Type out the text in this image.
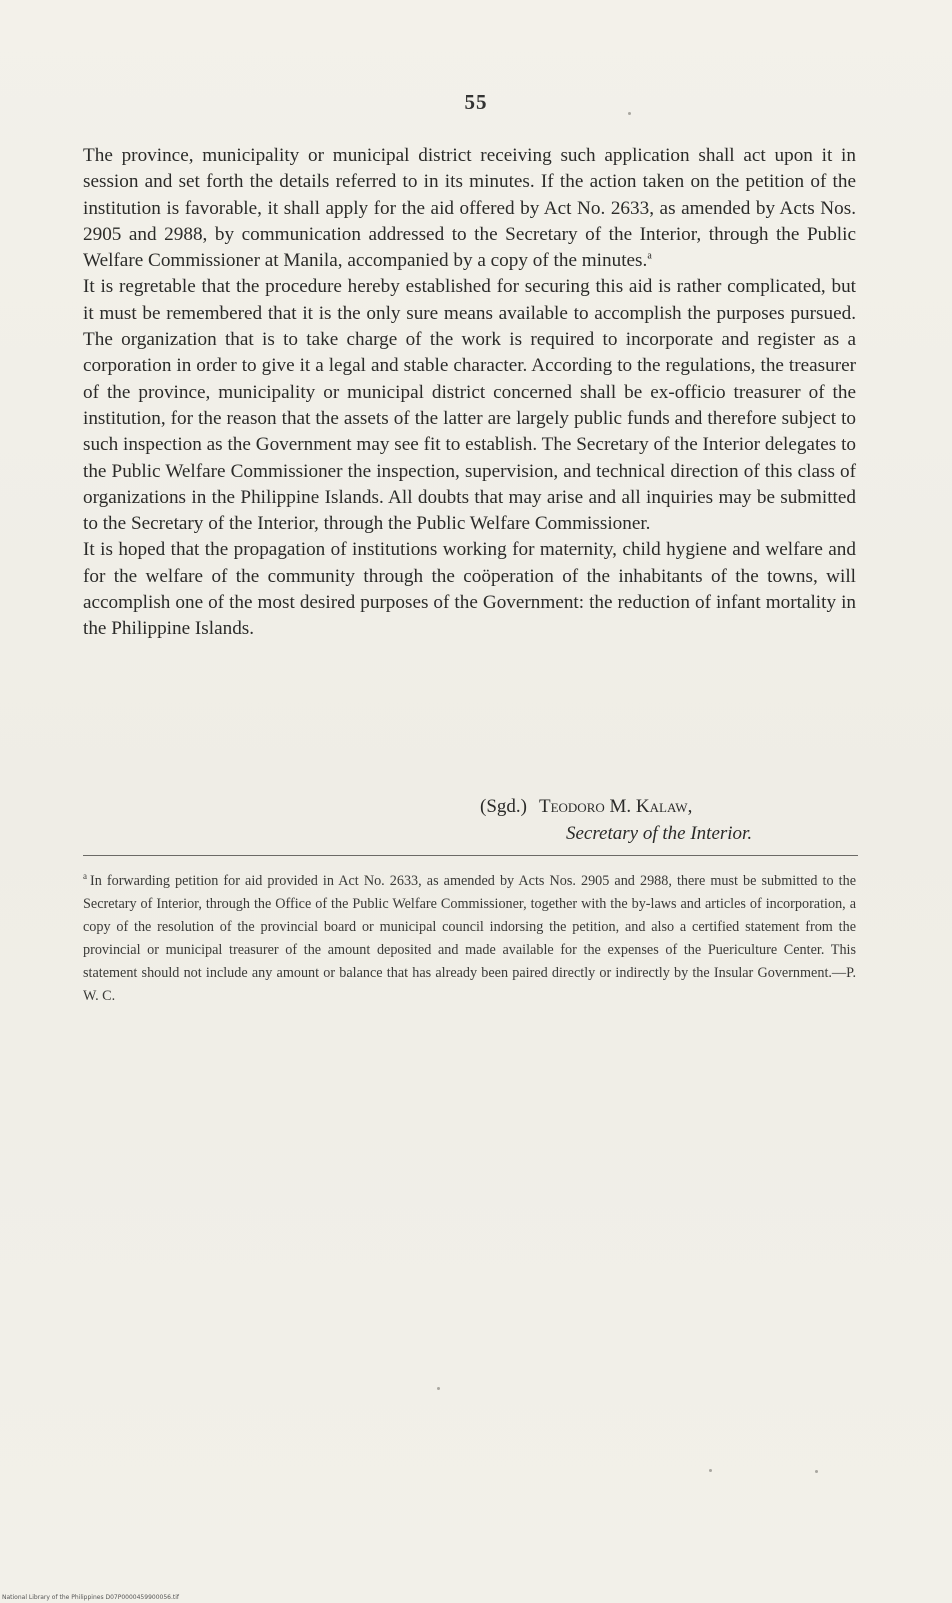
55

The province, municipality or municipal district receiving such application shall act upon it in session and set forth the details referred to in its minutes. If the action taken on the petition of the institution is favorable, it shall apply for the aid offered by Act No. 2633, as amended by Acts Nos. 2905 and 2988, by communication addressed to the Secretary of the Interior, through the Public Welfare Commissioner at Manila, accompanied by a copy of the minutes.$^a$

It is regretable that the procedure hereby established for securing this aid is rather complicated, but it must be remembered that it is the only sure means available to accomplish the purposes pursued. The organization that is to take charge of the work is required to incorporate and register as a corporation in order to give it a legal and stable character. According to the regulations, the treasurer of the province, municipality or municipal district concerned shall be ex-officio treasurer of the institution, for the reason that the assets of the latter are largely public funds and therefore subject to such inspection as the Government may see fit to establish. The Secretary of the Interior delegates to the Public Welfare Commissioner the inspection, supervision, and technical direction of this class of organizations in the Philippine Islands. All doubts that may arise and all inquiries may be submitted to the Secretary of the Interior, through the Public Welfare Commissioner.

It is hoped that the propagation of institutions working for maternity, child hygiene and welfare and for the welfare of the community through the coöperation of the inhabitants of the towns, will accomplish one of the most desired purposes of the Government: the reduction of infant mortality in the Philippine Islands.

(Sgd.) Teodoro M. Kalaw,
Secretary of the Interior.

$^a$ In forwarding petition for aid provided in Act No. 2633, as amended by Acts Nos. 2905 and 2988, there must be submitted to the Secretary of Interior, through the Office of the Public Welfare Commissioner, together with the by-laws and articles of incorporation, a copy of the resolution of the provincial board or municipal council indorsing the petition, and also a certified statement from the provincial or municipal treasurer of the amount deposited and made available for the expenses of the Puericulture Center. This statement should not include any amount or balance that has already been paired directly or indirectly by the Insular Government.—P. W. C.

National Library of the Philippines D07P0000459900056.tif
